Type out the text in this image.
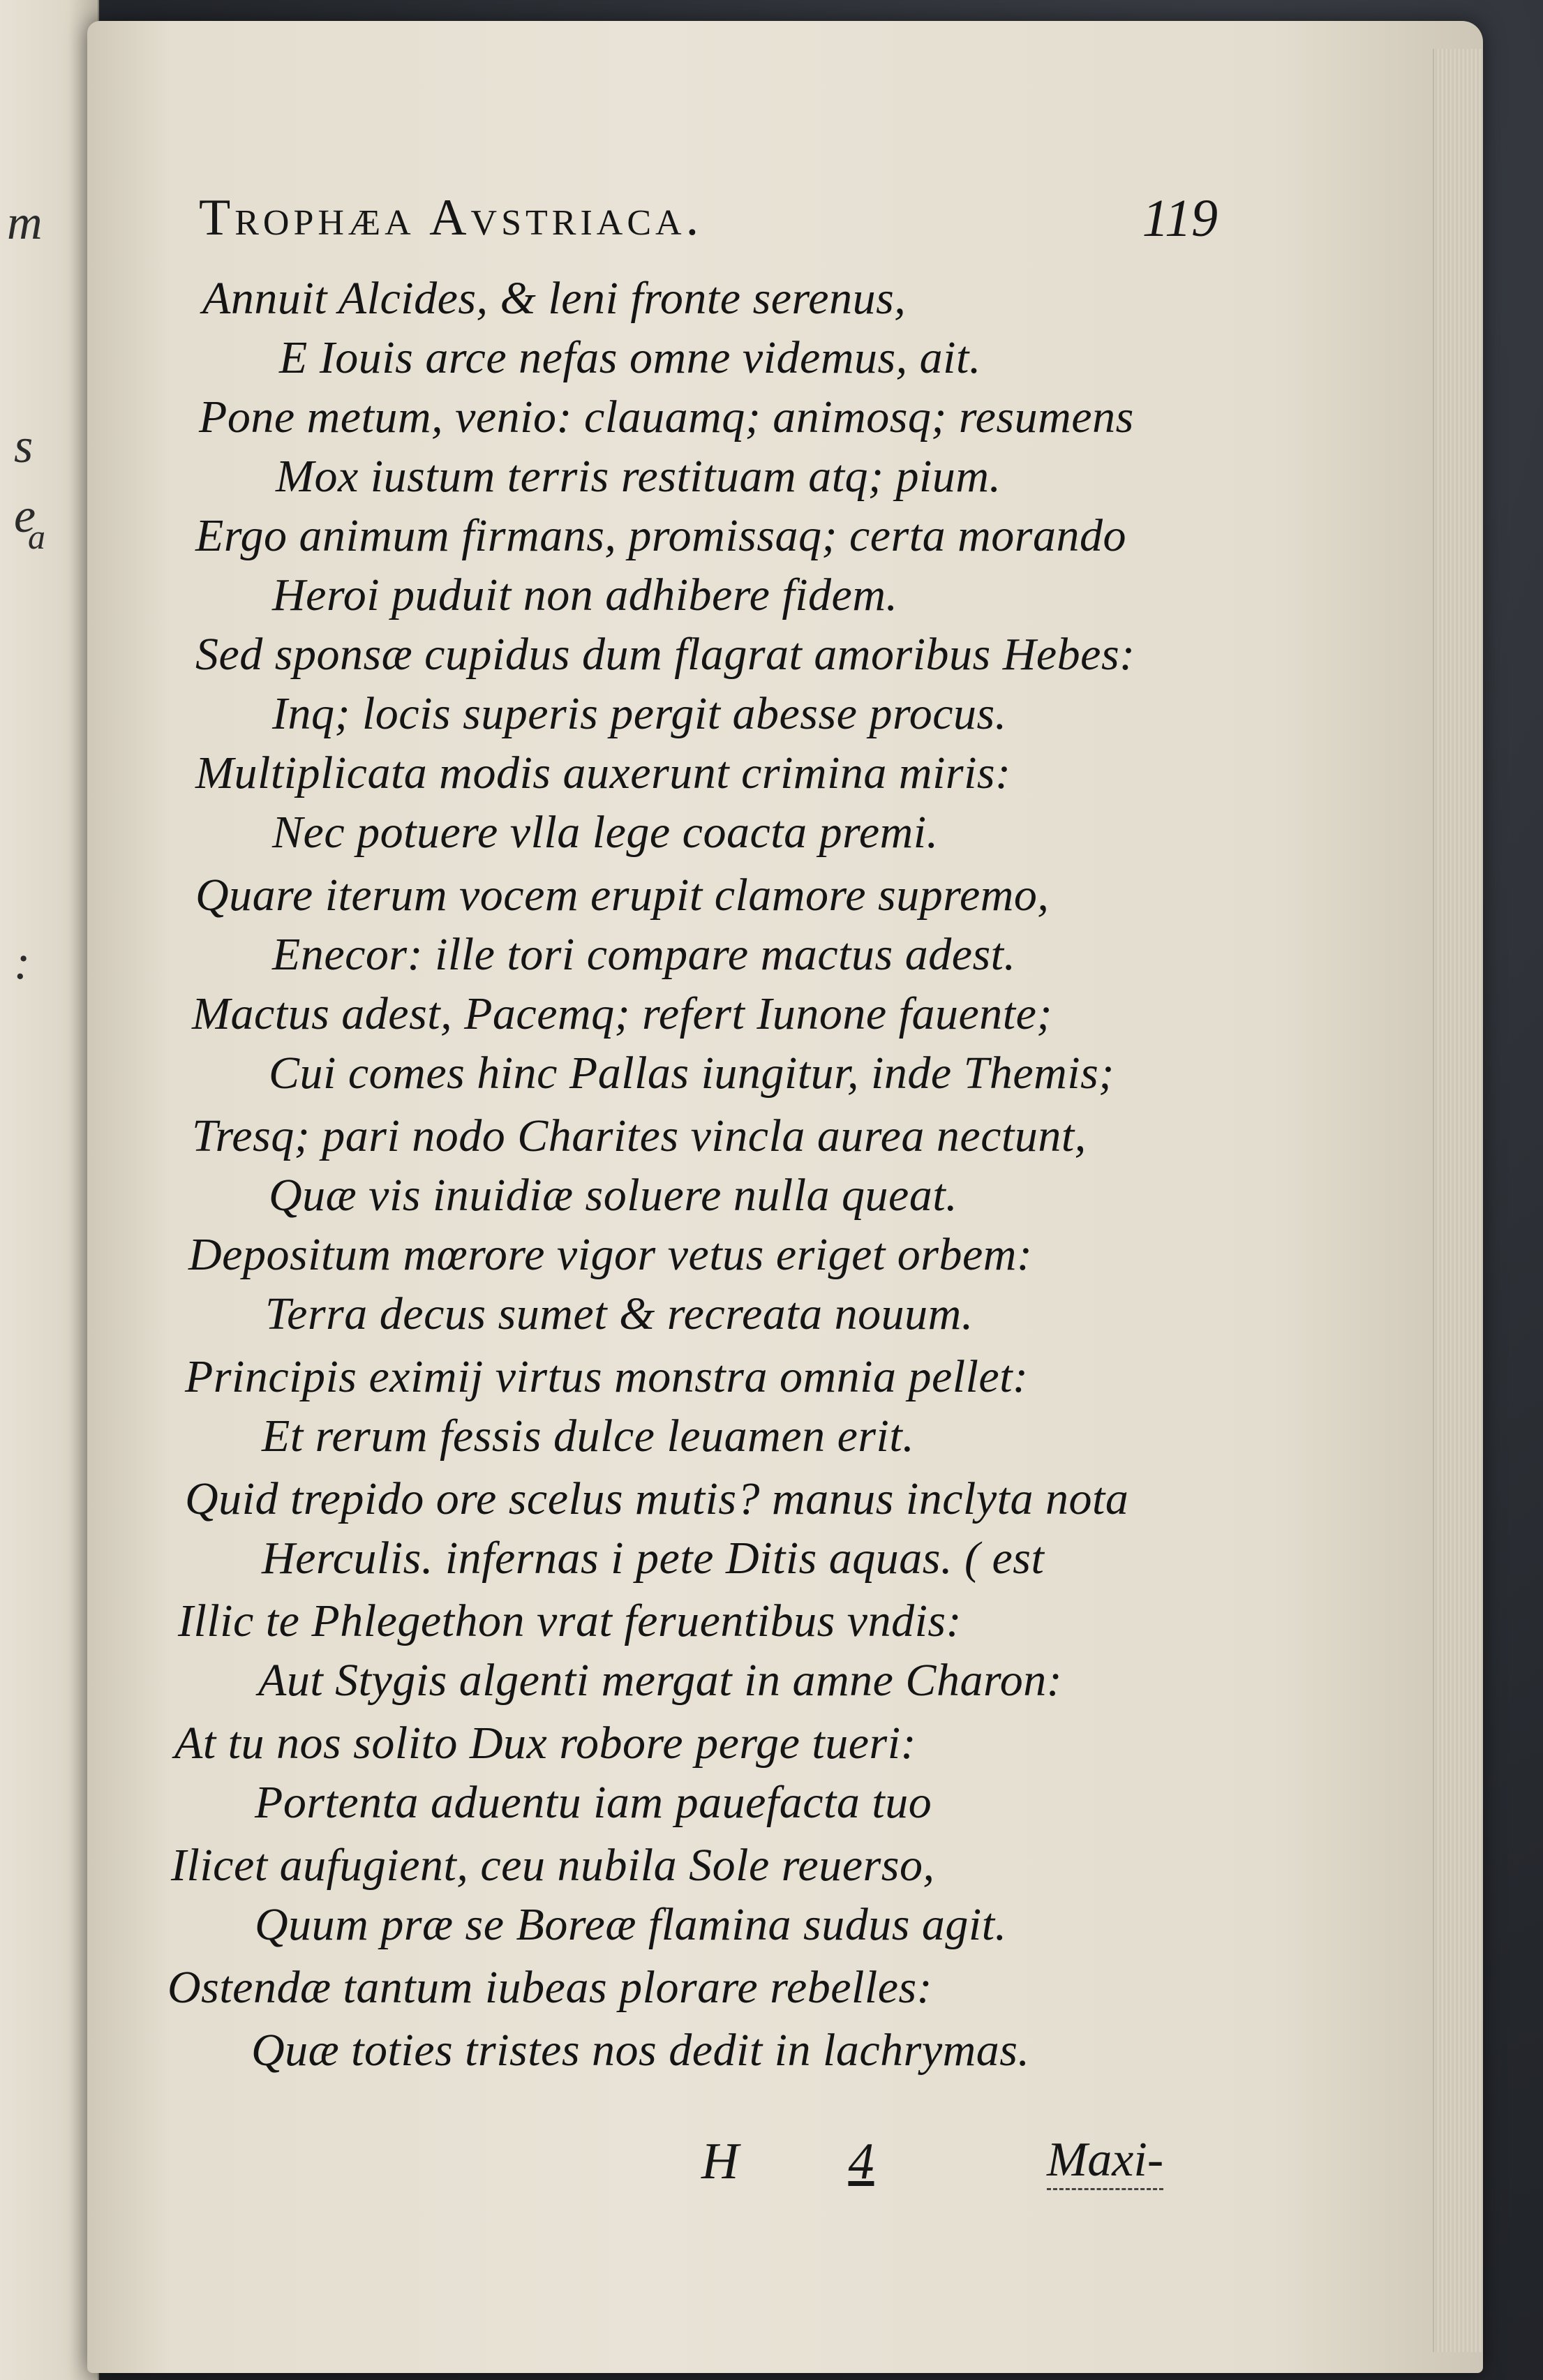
m
s
e
a
:
Trophæa Avstriaca.	119
Annuit Alcides, & leni fronte serenus,
E Iouis arce nefas omne videmus, ait.
Pone metum, venio: clauamq; animosq; resumens
Mox iustum terris restituam atq; pium.
Ergo animum firmans, promissaq; certa morando
Heroi puduit non adhibere fidem.
Sed sponsæ cupidus dum flagrat amoribus Hebes:
Inq; locis superis pergit abesse procus.
Multiplicata modis auxerunt crimina miris:
Nec potuere vlla lege coacta premi.
Quare iterum vocem erupit clamore supremo,
Enecor: ille tori compare mactus adest.
Mactus adest, Pacemq; refert Iunone fauente;
Cui comes hinc Pallas iungitur, inde Themis;
Tresq; pari nodo Charites vincla aurea nectunt,
Quæ vis inuidiæ soluere nulla queat.
Depositum mœrore vigor vetus eriget orbem:
Terra decus sumet & recreata nouum.
Principis eximij virtus monstra omnia pellet:
Et rerum fessis dulce leuamen erit.
Quid trepido ore scelus mutis? manus inclyta nota
Herculis. infernas i pete Ditis aquas. ( est
Illic te Phlegethon vrat feruentibus vndis:
Aut Stygis algenti mergat in amne Charon:
At tu nos solito Dux robore perge tueri:
Portenta aduentu iam pauefacta tuo
Ilicet aufugient, ceu nubila Sole reuerso,
Quum præ se Boreæ flamina sudus agit.
Ostendæ tantum iubeas plorare rebelles:
Quæ toties tristes nos dedit in lachrymas.
H 4	Maxi-
